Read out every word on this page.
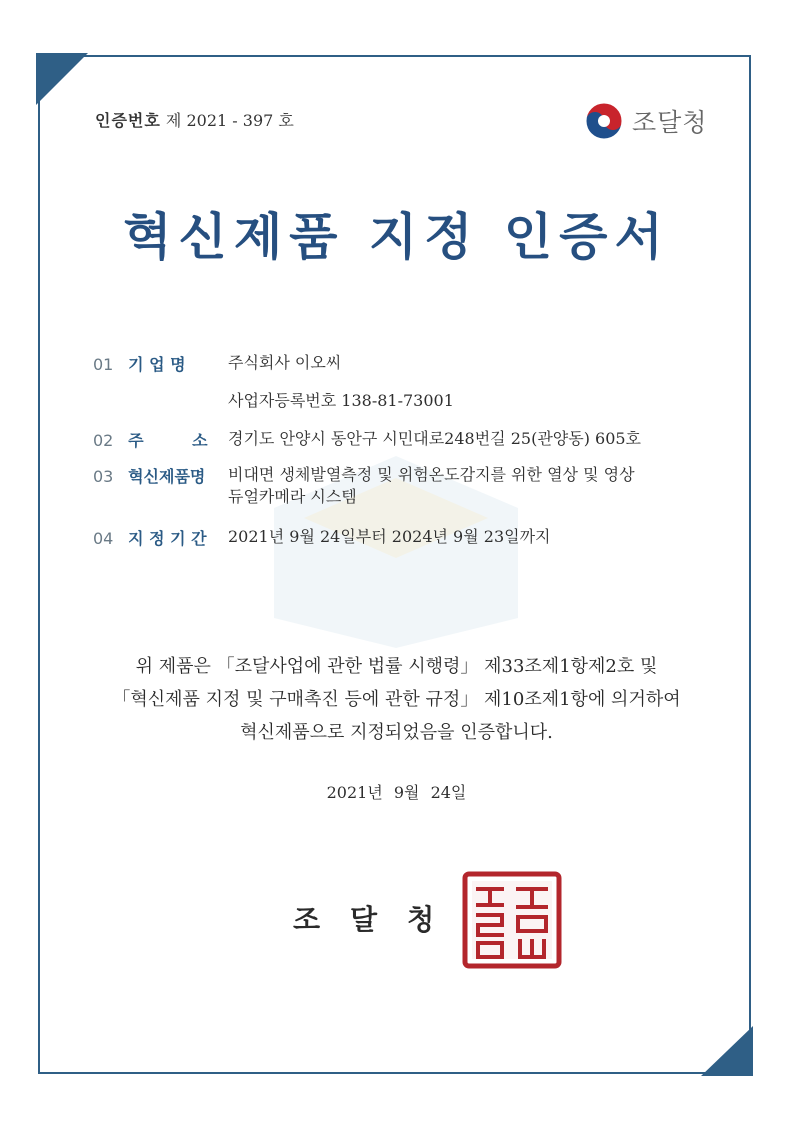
인증번호 제 2021 - 397 호	조달청
혁신제품 지정 인증서
01 기 업 명	주식회사 이오씨
사업자등록번호 138-81-73001
02 주	소 경기도 안양시 동안구 시민대로248번길 25(관양동) 605호
03 혁신제품명 비대면 생체발열측정 및 위험온도감지를 위한 열상 및 영상
듀얼카메라 시스템
04 지 정 기 간 2021년 9월 24일부터 2024년 9월 23일까지
위 제품은 「조달사업에 관한 법률 시행령」 제33조제1항제2호 및
「혁신제품 지정 및 구매촉진 등에 관한 규정」 제10조제1항에 의거하여
혁신제품으로 지정되었음을 인증합니다.
2021년 9월 24일
조달청
